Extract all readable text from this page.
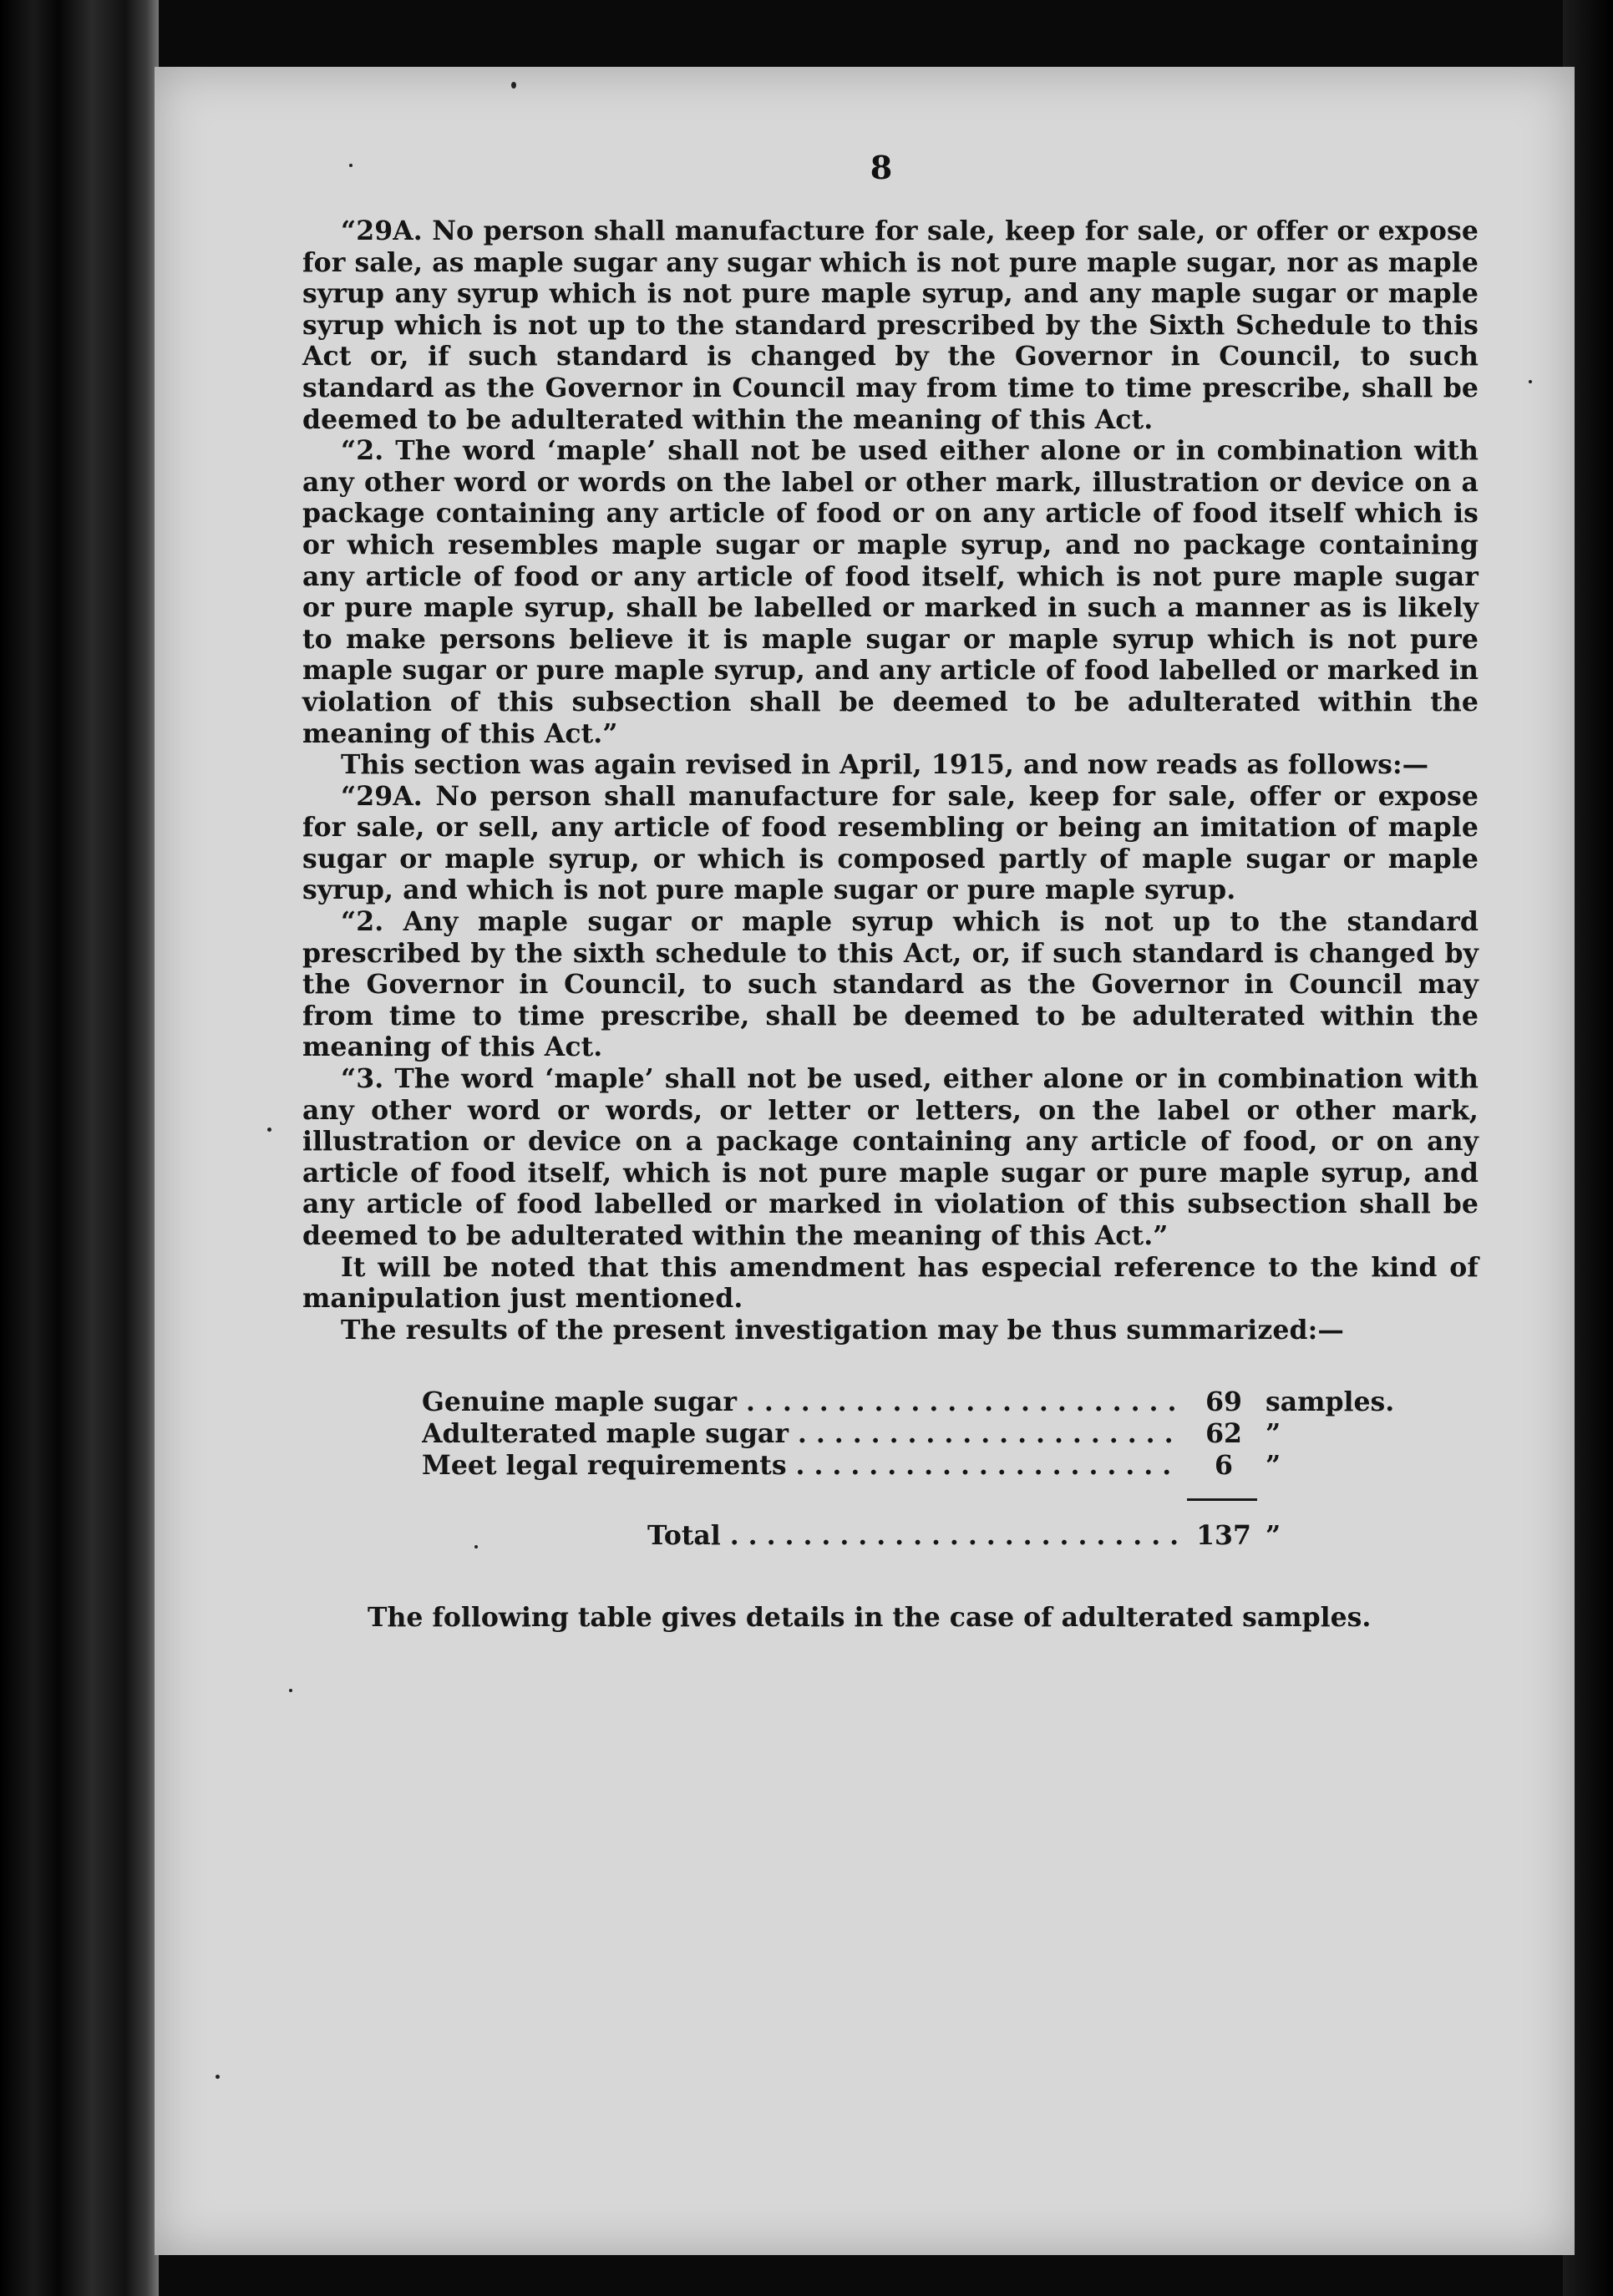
8

“29A. No person shall manufacture for sale, keep for sale, or offer or expose for sale, as maple sugar any sugar which is not pure maple sugar, nor as maple syrup any syrup which is not pure maple syrup, and any maple sugar or maple syrup which is not up to the standard prescribed by the Sixth Schedule to this Act or, if such standard is changed by the Governor in Council, to such standard as the Governor in Council may from time to time prescribe, shall be deemed to be adulterated within the meaning of this Act.

“2. The word ‘maple’ shall not be used either alone or in combination with any other word or words on the label or other mark, illustration or device on a package containing any article of food or on any article of food itself which is or which resembles maple sugar or maple syrup, and no package containing any article of food or any article of food itself, which is not pure maple sugar or pure maple syrup, shall be labelled or marked in such a manner as is likely to make persons believe it is maple sugar or maple syrup which is not pure maple sugar or pure maple syrup, and any article of food labelled or marked in violation of this subsection shall be deemed to be adulterated within the meaning of this Act.”

This section was again revised in April, 1915, and now reads as follows:—

“29A. No person shall manufacture for sale, keep for sale, offer or expose for sale, or sell, any article of food resembling or being an imitation of maple sugar or maple syrup, or which is composed partly of maple sugar or maple syrup, and which is not pure maple sugar or pure maple syrup.

“2. Any maple sugar or maple syrup which is not up to the standard prescribed by the sixth schedule to this Act, or, if such standard is changed by the Governor in Council, to such standard as the Governor in Council may from time to time prescribe, shall be deemed to be adulterated within the meaning of this Act.

“3. The word ‘maple’ shall not be used, either alone or in combination with any other word or words, or letter or letters, on the label or other mark, illustration or device on a package containing any article of food, or on any article of food itself, which is not pure maple sugar or pure maple syrup, and any article of food labelled or marked in violation of this subsection shall be deemed to be adulterated within the meaning of this Act.”

It will be noted that this amendment has especial reference to the kind of manipulation just mentioned.

The results of the present investigation may be thus summarized:—

Genuine maple sugar . . .	69 samples.
Adulterated maple sugar . . .	62 ”
Meet legal requirements . . .	6	”
Total . . .	137 ”
The following table gives details in the case of adulterated samples.
